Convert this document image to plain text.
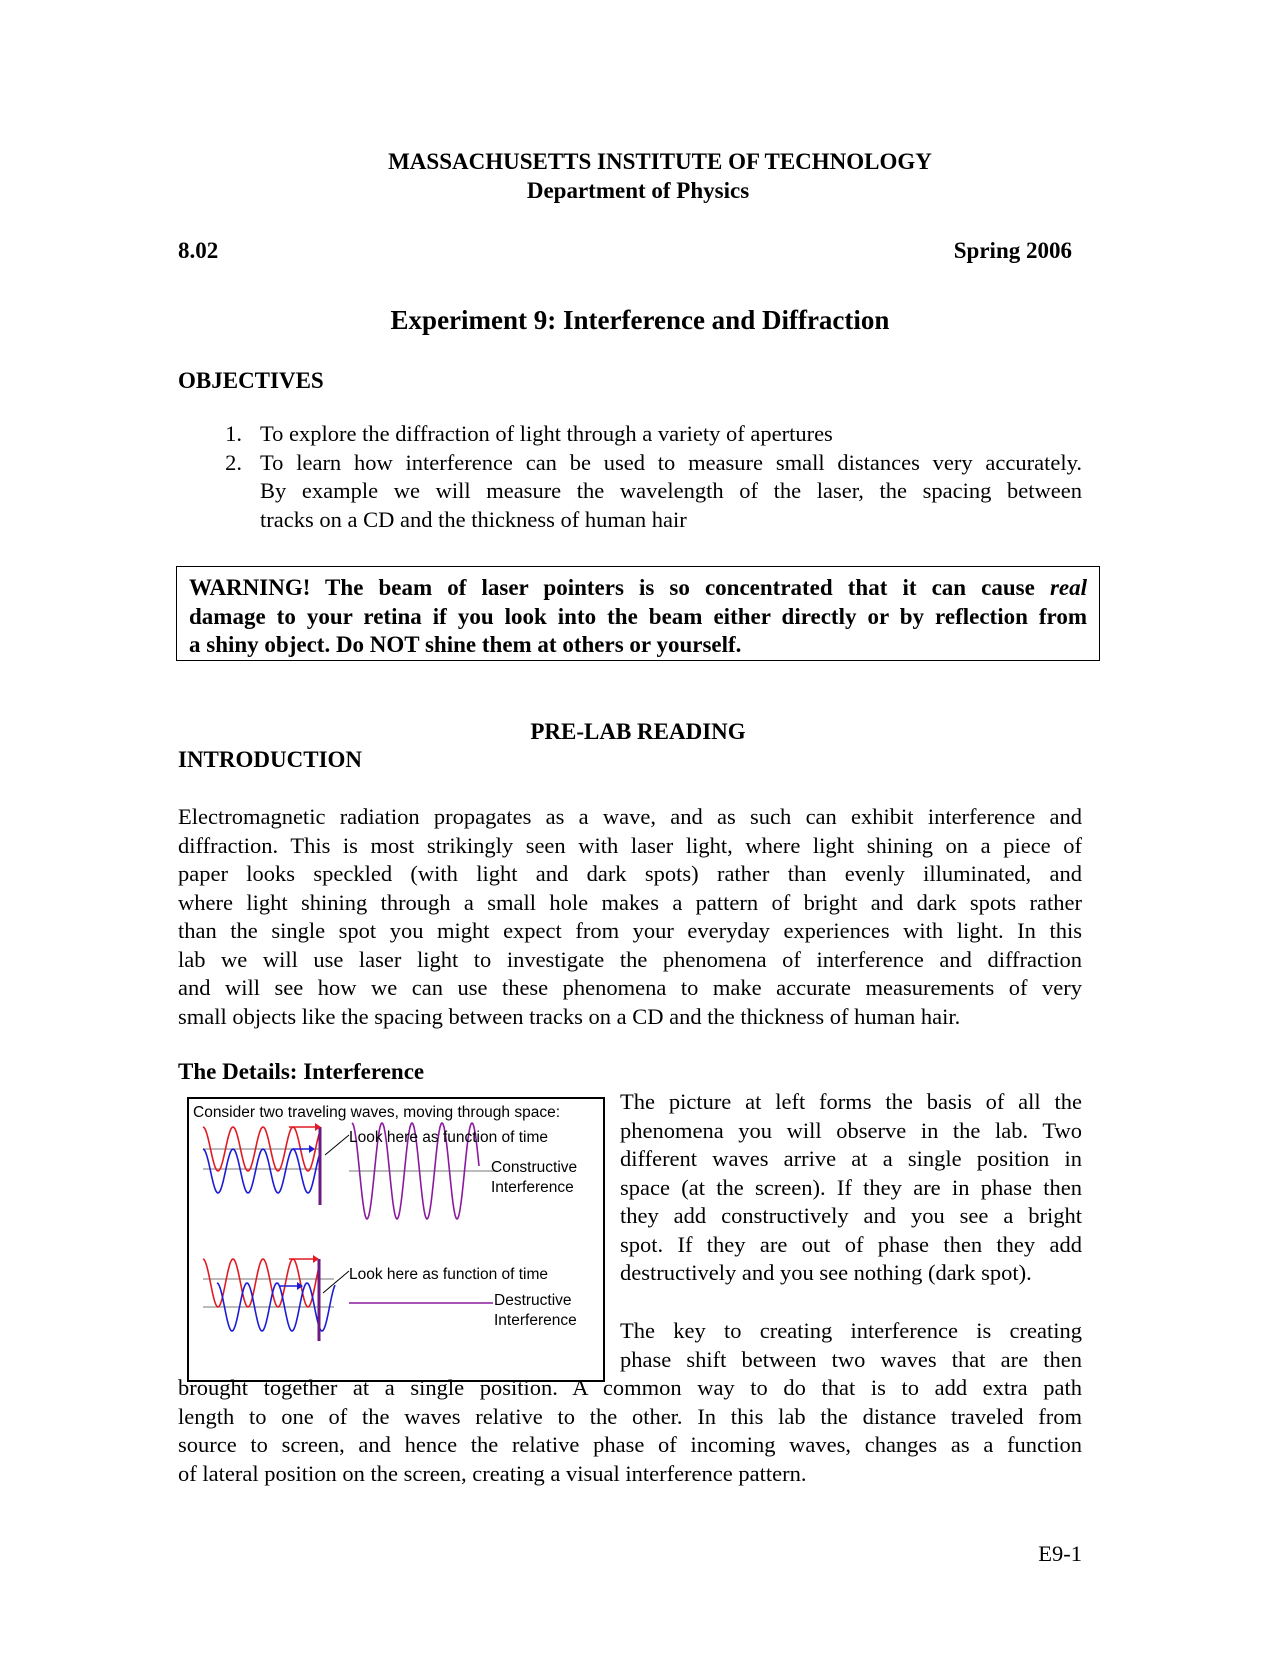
MASSACHUSETTS INSTITUTE OF TECHNOLOGY
Department of Physics
8.02	Spring 2006
Experiment 9: Interference and Diffraction
OBJECTIVES
1. To explore the diffraction of light through a variety of apertures
2. To learn how interference can be used to measure small distances very accurately.
By example we will measure the wavelength of the laser, the spacing between
tracks on a CD and the thickness of human hair
WARNING! The beam of laser pointers is so concentrated that it can cause real
damage to your retina if you look into the beam either directly or by reflection from
a shiny object. Do NOT shine them at others or yourself.
PRE-LAB READING
INTRODUCTION
Electromagnetic radiation propagates as a wave, and as such can exhibit interference and
diffraction. This is most strikingly seen with laser light, where light shining on a piece of
paper looks speckled (with light and dark spots) rather than evenly illuminated, and
where light shining through a small hole makes a pattern of bright and dark spots rather
than the single spot you might expect from your everyday experiences with light. In this
lab we will use laser light to investigate the phenomena of interference and diffraction
and will see how we can use these phenomena to make accurate measurements of very
small objects like the spacing between tracks on a CD and the thickness of human hair.
The Details: Interference
The picture at left forms the basis of all the
phenomena you will observe in the lab. Two
different waves arrive at a single position in
space (at the screen). If they are in phase then
they add constructively and you see a bright
spot. If they are out of phase then they add
destructively and you see nothing (dark spot).
The key to creating interference is creating
phase shift between two waves that are then
brought together at a single position. A common way to do that is to add extra path
length to one of the waves relative to the other. In this lab the distance traveled from
source to screen, and hence the relative phase of incoming waves, changes as a function
of lateral position on the screen, creating a visual interference pattern.
Consider two traveling waves, moving through space:
Look here as function of time
Constructive
Interference
Look here as function of time
Destructive
Interference
E9-1
